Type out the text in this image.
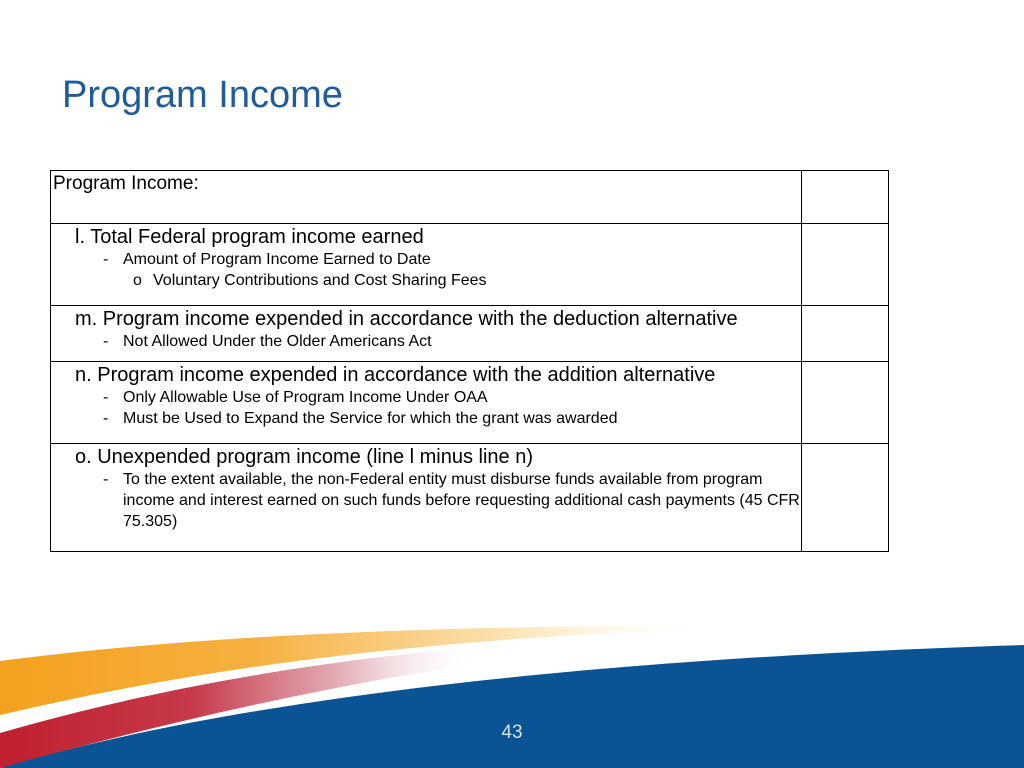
Program Income
Program Income:	

l. Total Federal program income earned
- Amount of Program Income Earned to Date
o Voluntary Contributions and Cost Sharing Fees	

m. Program income expended in accordance with the deduction alternative
- Not Allowed Under the Older Americans Act	

n. Program income expended in accordance with the addition alternative
- Only Allowable Use of Program Income Under OAA
- Must be Used to Expand the Service for which the grant was awarded	

o. Unexpended program income (line l minus line n)
- To the extent available, the non-Federal entity must disburse funds available from program income and interest earned on such funds before requesting additional cash payments (45 CFR 75.305)	

43
